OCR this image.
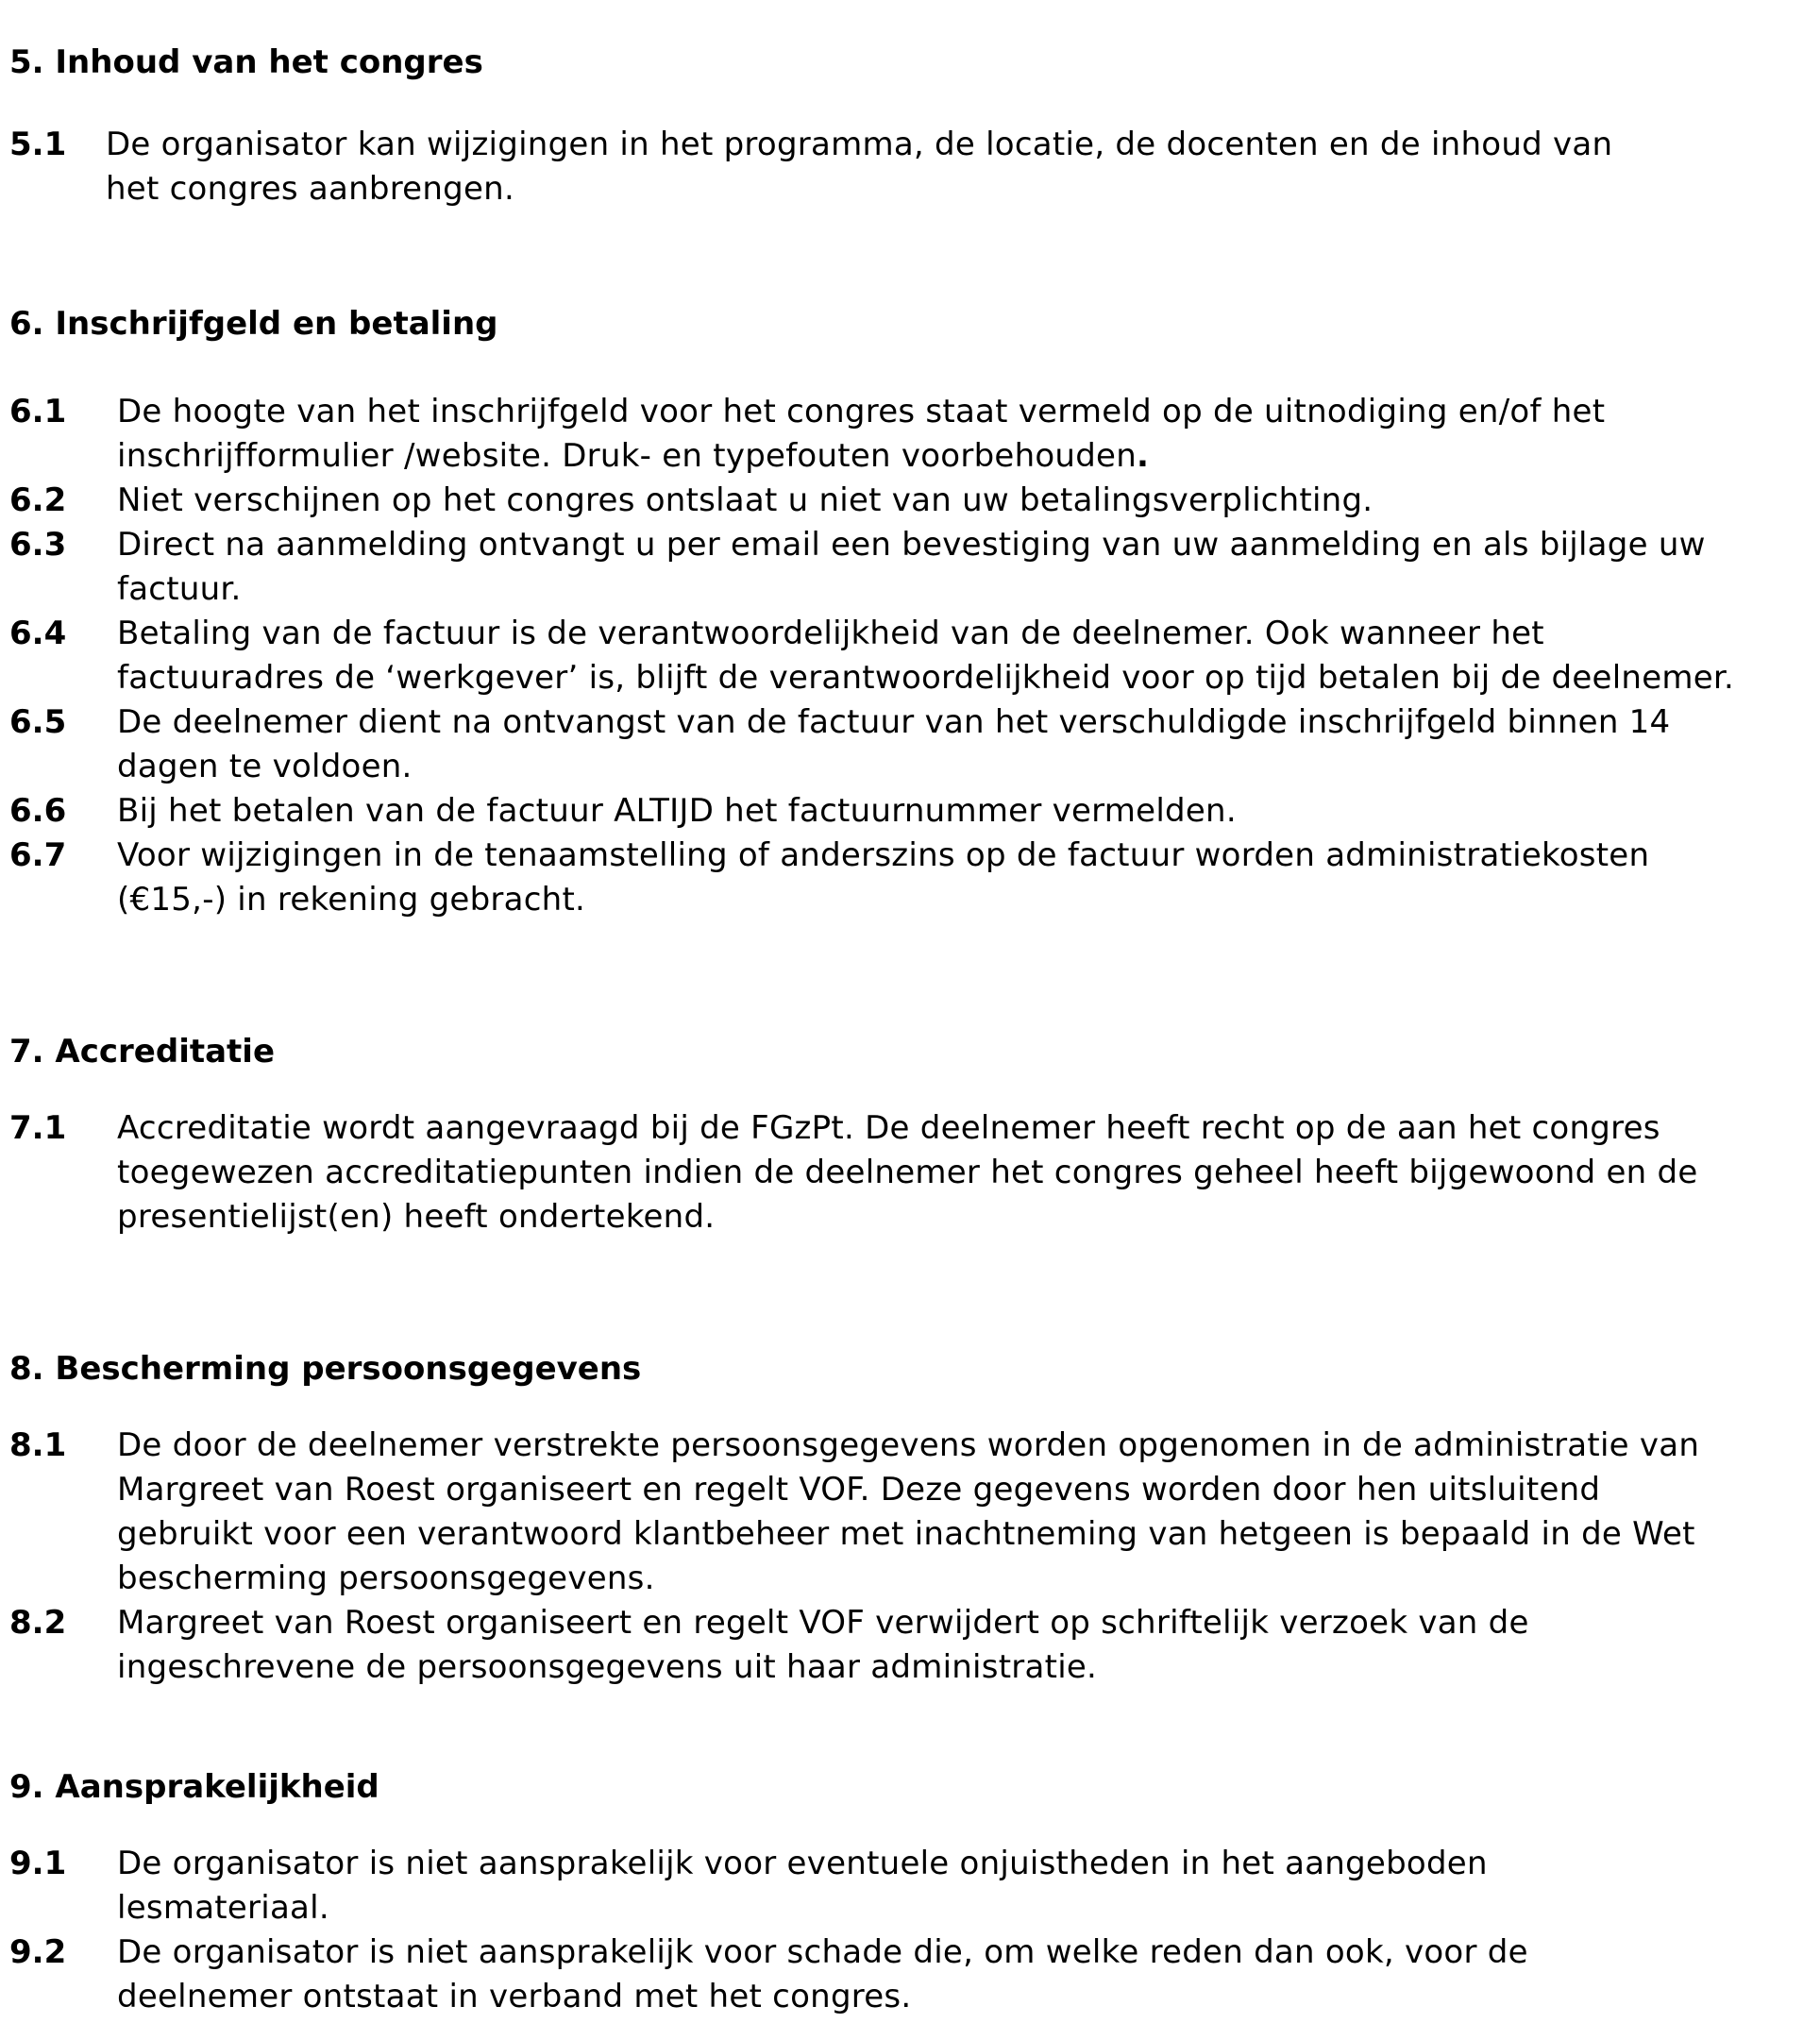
5. Inhoud van het congres
5.1 De organisator kan wijzigingen in het programma, de locatie, de docenten en de inhoud van
het congres aanbrengen.
6. Inschrijfgeld en betaling
6.1 De hoogte van het inschrijfgeld voor het congres staat vermeld op de uitnodiging en/of het
inschrijfformulier /website. Druk- en typefouten voorbehouden.
6.2 Niet verschijnen op het congres ontslaat u niet van uw betalingsverplichting.
6.3 Direct na aanmelding ontvangt u per email een bevestiging van uw aanmelding en als bijlage uw
factuur.
6.4 Betaling van de factuur is de verantwoordelijkheid van de deelnemer. Ook wanneer het
factuuradres de ‘werkgever’ is, blijft de verantwoordelijkheid voor op tijd betalen bij de deelnemer.
6.5 De deelnemer dient na ontvangst van de factuur van het verschuldigde inschrijfgeld binnen 14
dagen te voldoen.
6.6 Bij het betalen van de factuur ALTIJD het factuurnummer vermelden.
6.7 Voor wijzigingen in de tenaamstelling of anderszins op de factuur worden administratiekosten
(€15,-) in rekening gebracht.
7. Accreditatie
7.1 Accreditatie wordt aangevraagd bij de FGzPt. De deelnemer heeft recht op de aan het congres
toegewezen accreditatiepunten indien de deelnemer het congres geheel heeft bijgewoond en de
presentielijst(en) heeft ondertekend.
8. Bescherming persoonsgegevens
8.1 De door de deelnemer verstrekte persoonsgegevens worden opgenomen in de administratie van
Margreet van Roest organiseert en regelt VOF. Deze gegevens worden door hen uitsluitend
gebruikt voor een verantwoord klantbeheer met inachtneming van hetgeen is bepaald in de Wet
bescherming persoonsgegevens.
8.2 Margreet van Roest organiseert en regelt VOF verwijdert op schriftelijk verzoek van de
ingeschrevene de persoonsgegevens uit haar administratie.
9. Aansprakelijkheid
9.1 De organisator is niet aansprakelijk voor eventuele onjuistheden in het aangeboden
lesmateriaal.
9.2 De organisator is niet aansprakelijk voor schade die, om welke reden dan ook, voor de
deelnemer ontstaat in verband met het congres.
